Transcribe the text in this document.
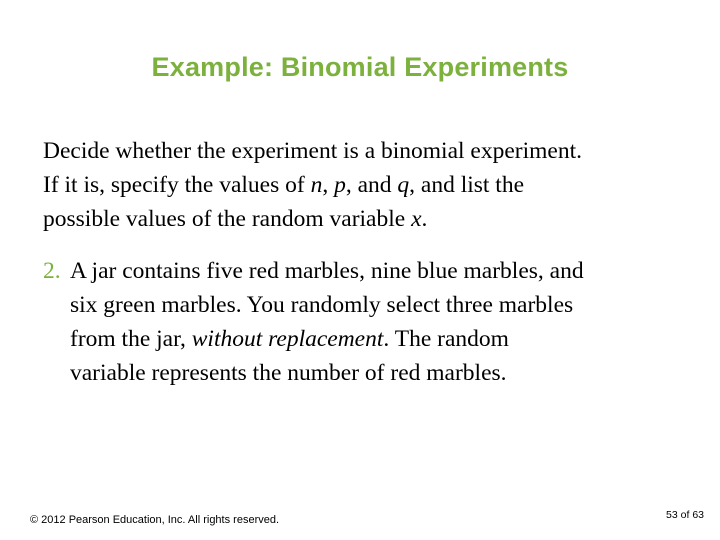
Example: Binomial Experiments
Decide whether the experiment is a binomial experiment.
If it is, specify the values of n, p, and q, and list the
possible values of the random variable x.
2. A jar contains five red marbles, nine blue marbles, and
six green marbles. You randomly select three marbles
from the jar, without replacement. The random
variable represents the number of red marbles.
© 2012 Pearson Education, Inc. All rights reserved.	53 of 63
